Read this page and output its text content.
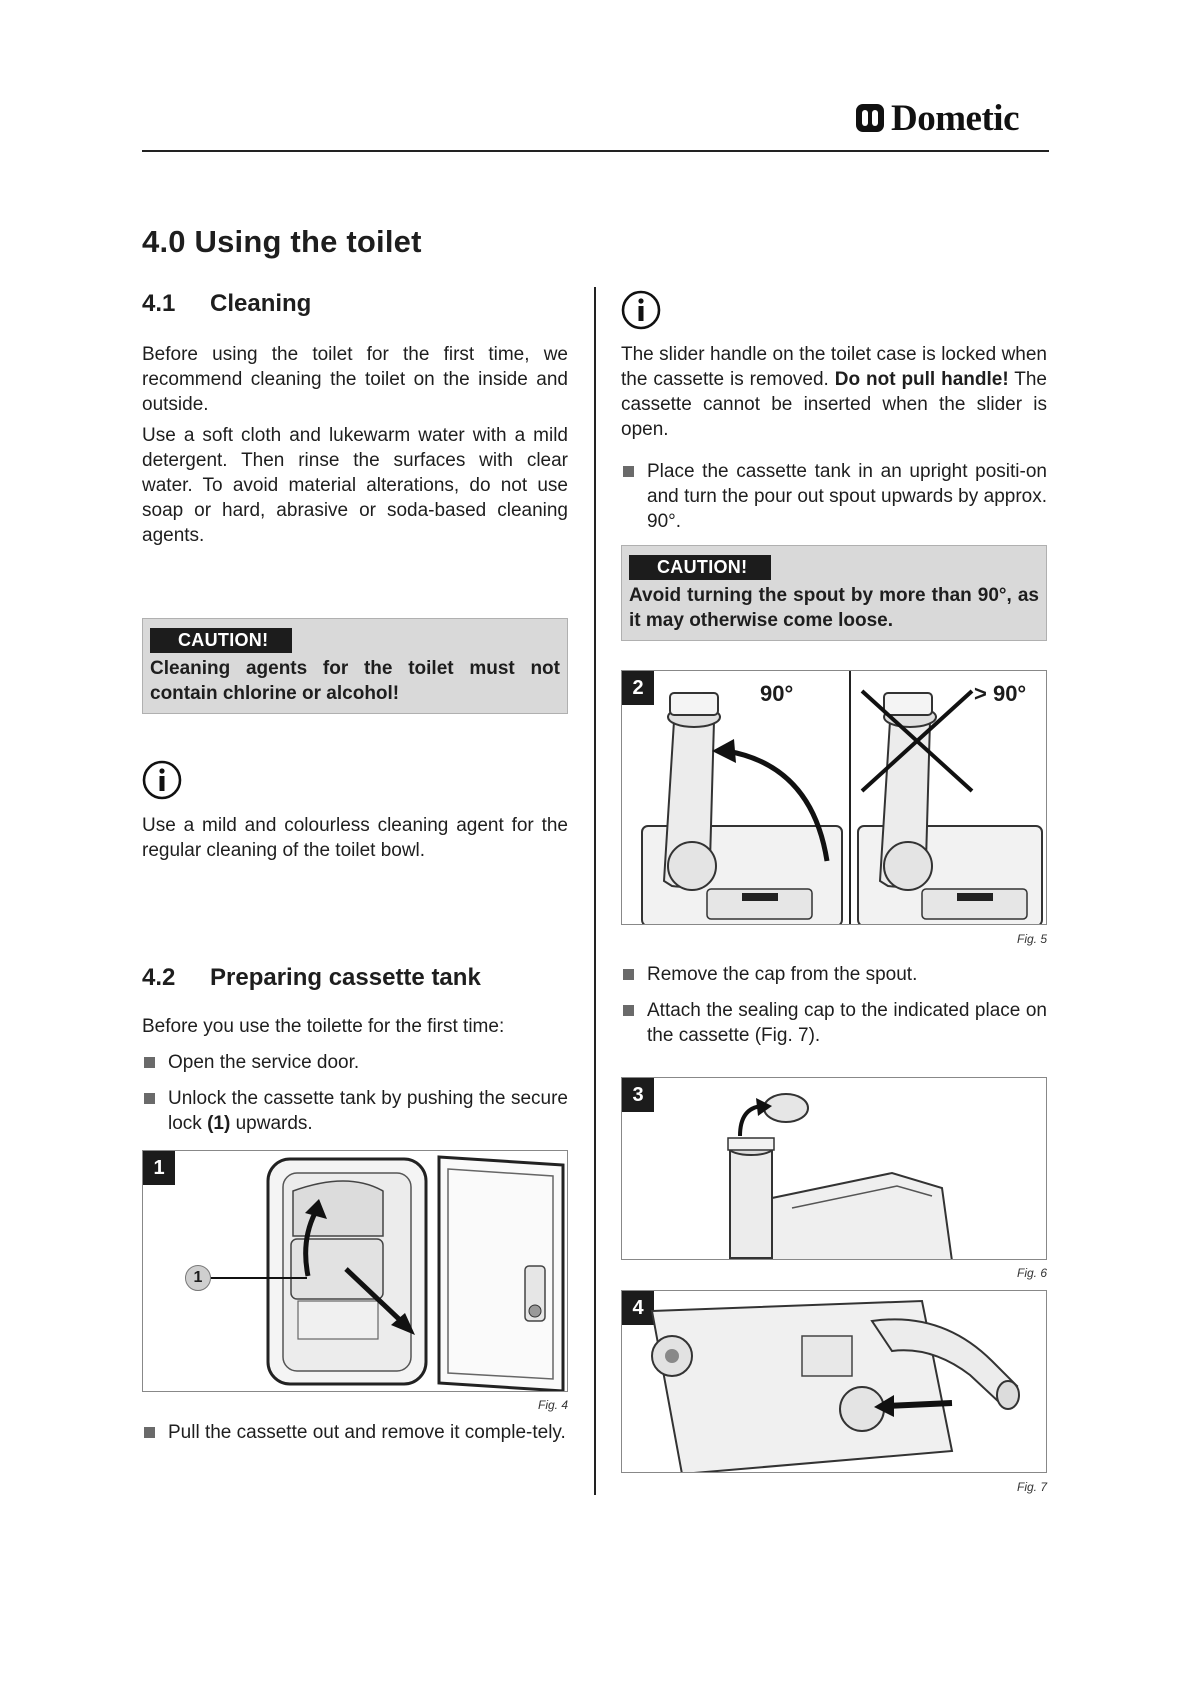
Dometic
4.0 Using the toilet
4.1 Cleaning

Before using the toilet for the first time, we recommend cleaning the toilet on the inside and outside.

Use a soft cloth and lukewarm water with a mild detergent. Then rinse the surfaces with clear water. To avoid material alterations, do not use soap or hard, abrasive or soda-based cleaning agents.

CAUTION!
Cleaning agents for the toilet must not contain chlorine or alcohol!

Use a mild and colourless cleaning agent for the regular cleaning of the toilet bowl.

4.2 Preparing cassette tank

Before you use the toilette for the first time:

Open the service door.
Unlock the cassette tank by pushing the secure lock (1) upwards.
1
1
Fig. 4
Pull the cassette out and remove it comple-tely.

The slider handle on the toilet case is locked when the cassette is removed. Do not pull handle! The cassette cannot be inserted when the slider is open.

Place the cassette tank in an upright positi-on and turn the pour out spout upwards by approx. 90°.
CAUTION!
Avoid turning the spout by more than 90°, as it may otherwise come loose.
2	90°	> 90°
Fig. 5
Remove the cap from the spout.
Attach the sealing cap to the indicated place on the cassette (Fig. 7).
3
Fig. 6
4
Fig. 7
